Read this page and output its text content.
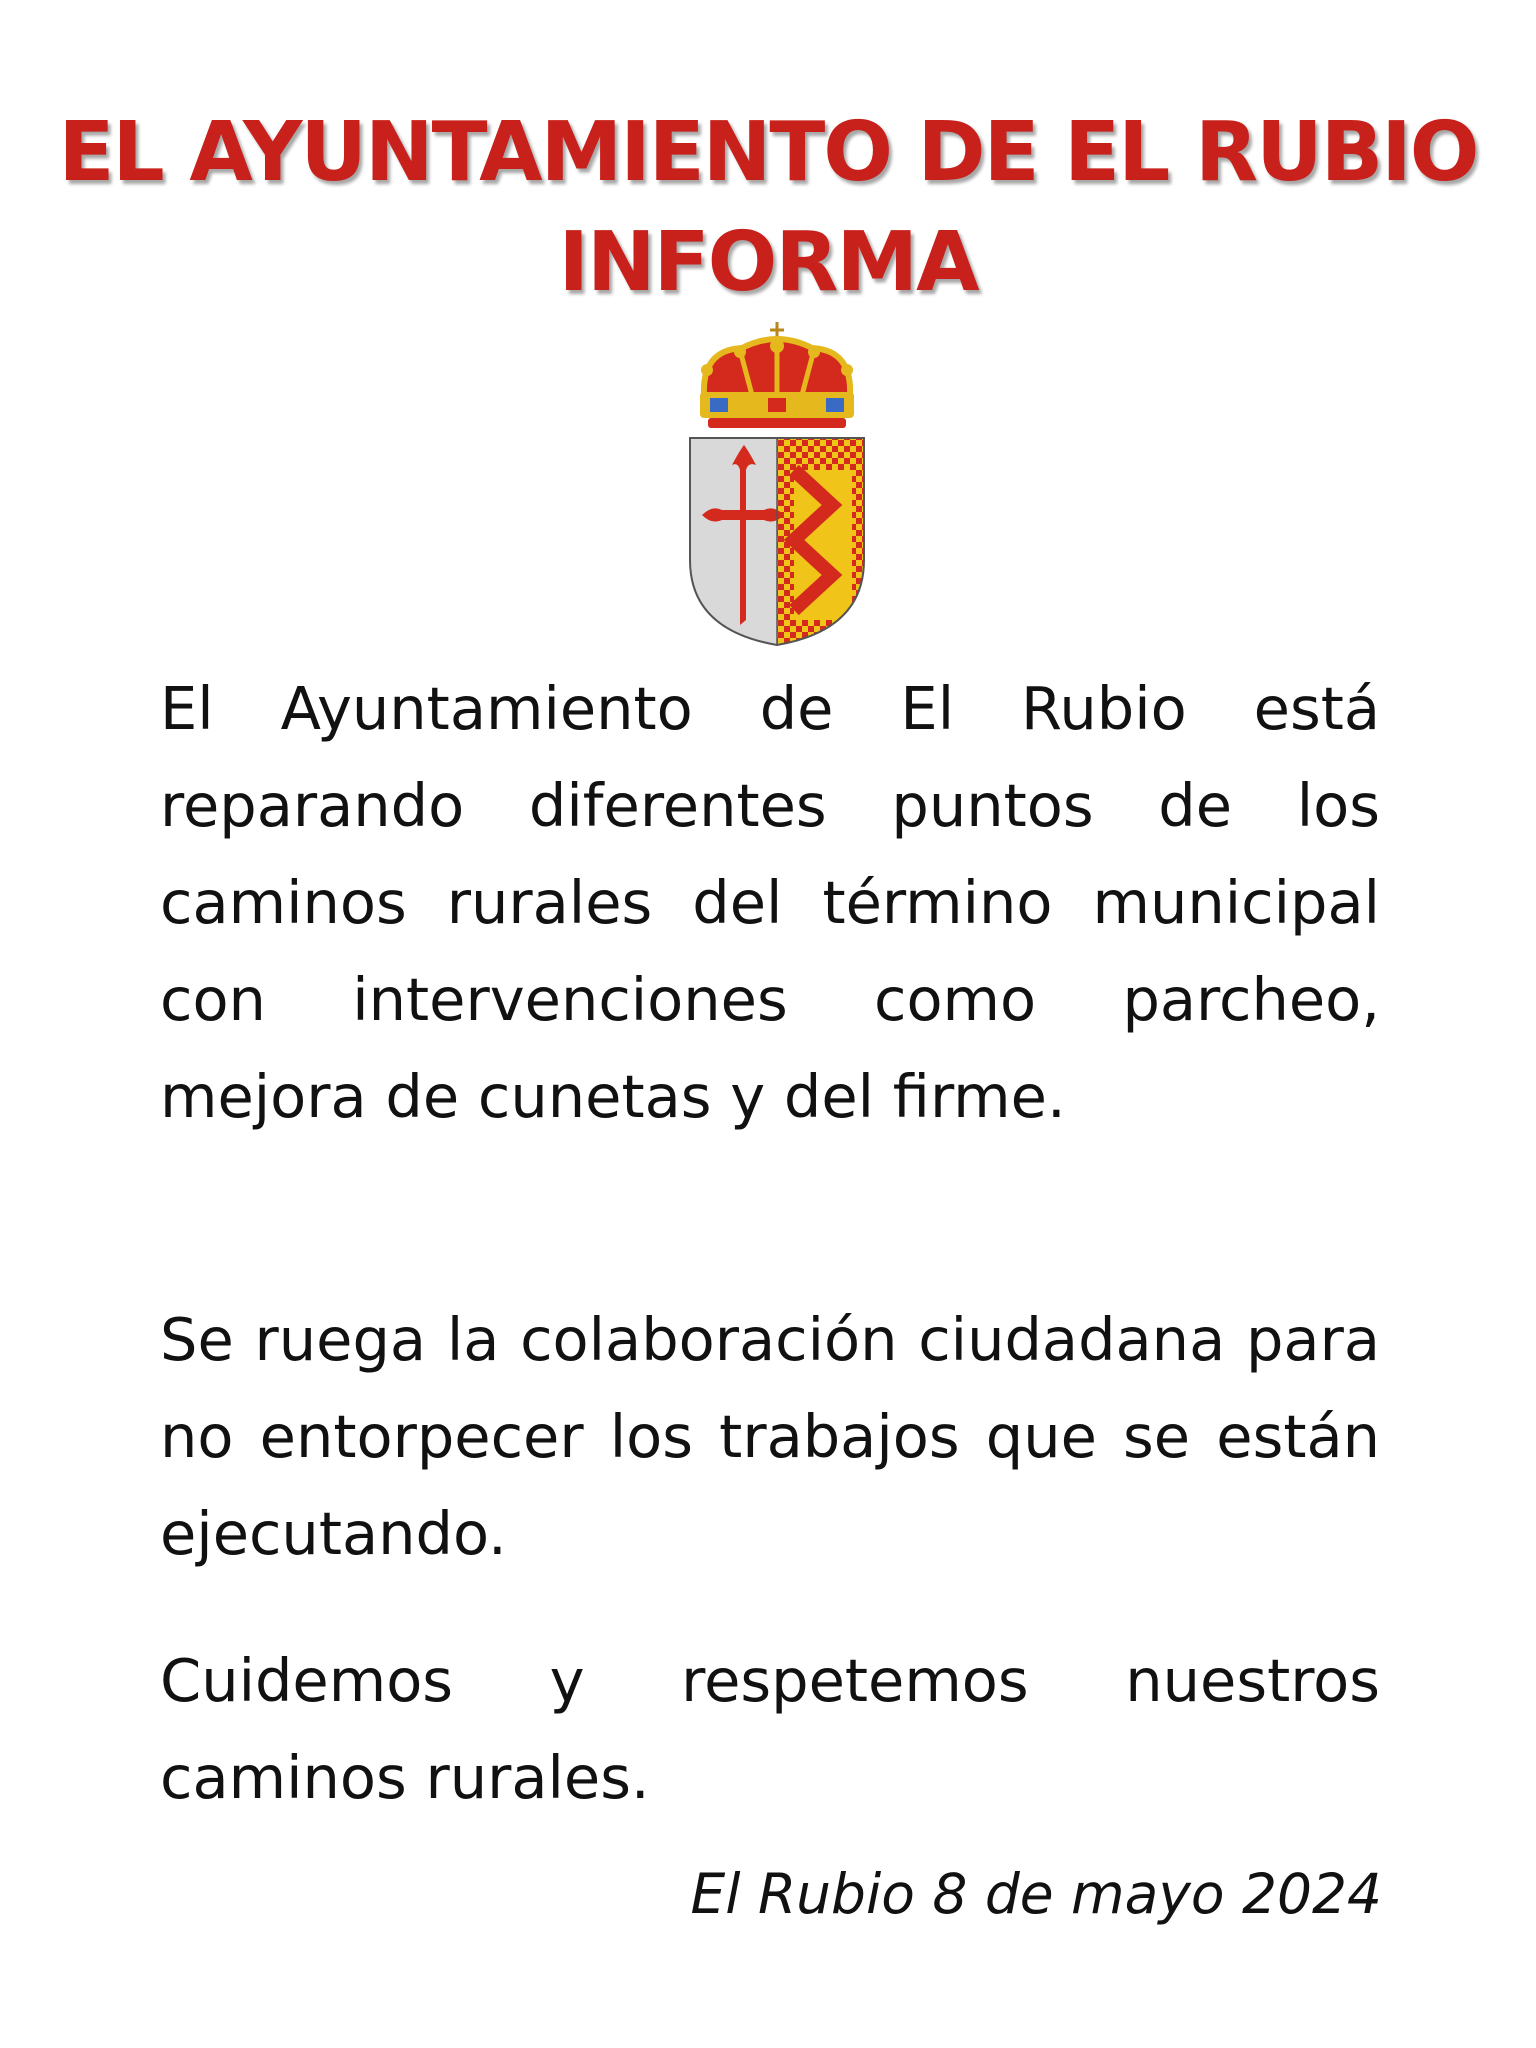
EL AYUNTAMIENTO DE EL RUBIO
INFORMA

El Ayuntamiento de El Rubio está reparando diferentes puntos de los caminos rurales del término municipal con intervenciones como parcheo, mejora de cunetas y del firme.

Se ruega la colaboración ciudadana para no entorpecer los trabajos que se están ejecutando.

Cuidemos y respetemos nuestros caminos rurales.

El Rubio 8 de mayo 2024
